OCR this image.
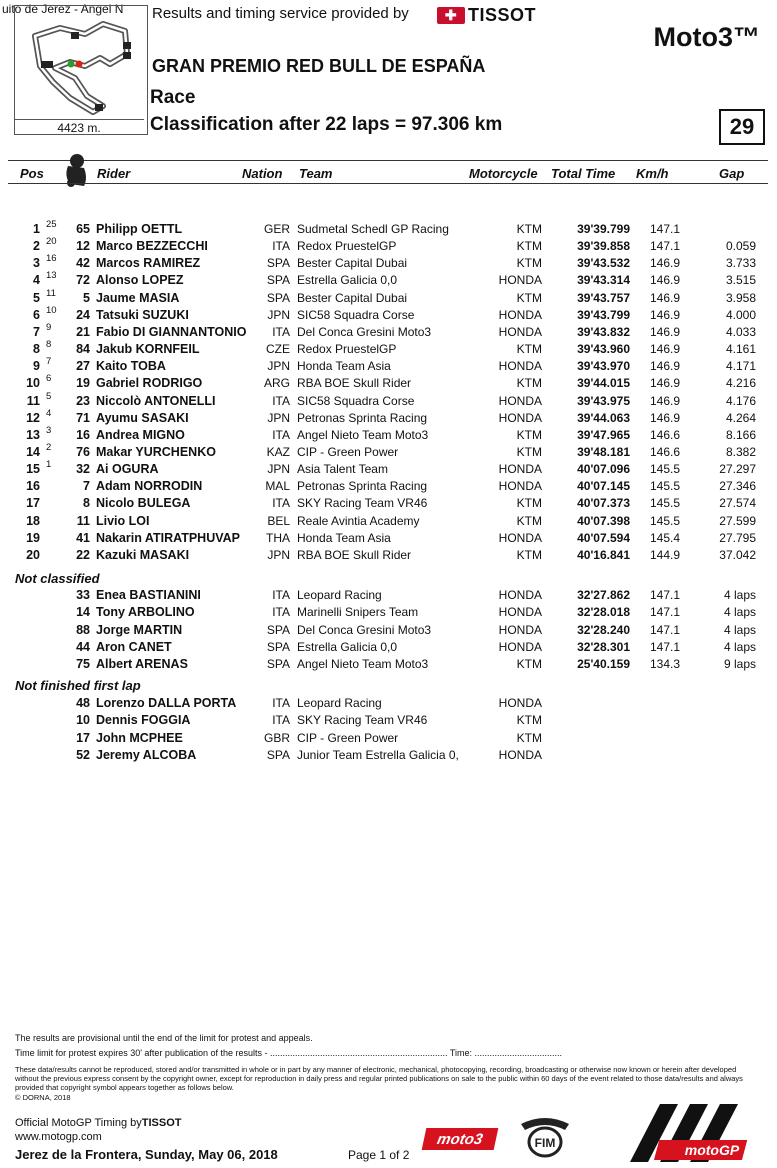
uito de Jerez - Angel N
4423 m.
Results and timing service provided by	✚ TISSOT
Moto3™
GRAN PREMIO RED BULL DE ESPAÑA
Race
Classification after 22 laps = 97.306 km	29
Pos	Rider	Nation Team	Motorcycle Total Time Km/h	Gap
1 25	65 Philipp OETTL	GER Sudmetal Schedl GP Racing	KTM	39'39.799	147.1
2 20	12 Marco BEZZECCHI	ITA Redox PruestelGP	KTM	39'39.858	147.1	0.059
3 16	42 Marcos RAMIREZ	SPA Bester Capital Dubai	KTM	39'43.532	146.9	3.733
4 13	72 Alonso LOPEZ	SPA Estrella Galicia 0,0	HONDA	39'43.314	146.9	3.515
5 11	5 Jaume MASIA	SPA Bester Capital Dubai	KTM	39'43.757	146.9	3.958
6 10	24 Tatsuki SUZUKI	JPN SIC58 Squadra Corse	HONDA	39'43.799	146.9	4.000
7 9	21 Fabio DI GIANNANTONIO	ITA Del Conca Gresini Moto3	HONDA	39'43.832	146.9	4.033
8 8	84 Jakub KORNFEIL	CZE Redox PruestelGP	KTM	39'43.960	146.9	4.161
9 7	27 Kaito TOBA	JPN Honda Team Asia	HONDA	39'43.970	146.9	4.171
10 6	19 Gabriel RODRIGO	ARG RBA BOE Skull Rider	KTM	39'44.015	146.9	4.216
11 5	23 Niccolò ANTONELLI	ITA SIC58 Squadra Corse	HONDA	39'43.975	146.9	4.176
12 4	71 Ayumu SASAKI	JPN Petronas Sprinta Racing	HONDA	39'44.063	146.9	4.264
13 3	16 Andrea MIGNO	ITA Angel Nieto Team Moto3	KTM	39'47.965	146.6	8.166
14 2	76 Makar YURCHENKO	KAZ CIP - Green Power	KTM	39'48.181	146.6	8.382
15 1	32 Ai OGURA	JPN Asia Talent Team	HONDA	40'07.096	145.5	27.297
16	7 Adam NORRODIN	MAL Petronas Sprinta Racing	HONDA	40'07.145	145.5	27.346
17	8 Nicolo BULEGA	ITA SKY Racing Team VR46	KTM	40'07.373	145.5	27.574
18	11 Livio LOI	BEL Reale Avintia Academy	KTM	40'07.398	145.5	27.599
19	41 Nakarin ATIRATPHUVAP	THA Honda Team Asia	HONDA	40'07.594	145.4	27.795
20	22 Kazuki MASAKI	JPN RBA BOE Skull Rider	KTM	40'16.841	144.9	37.042
Not classified
33 Enea BASTIANINI	ITA Leopard Racing	HONDA	32'27.862	147.1	4 laps
14 Tony ARBOLINO	ITA Marinelli Snipers Team	HONDA	32'28.018	147.1	4 laps
88 Jorge MARTIN	SPA Del Conca Gresini Moto3	HONDA	32'28.240	147.1	4 laps
44 Aron CANET	SPA Estrella Galicia 0,0	HONDA	32'28.301	147.1	4 laps
75 Albert ARENAS	SPA Angel Nieto Team Moto3	KTM	25'40.159	134.3	9 laps
Not finished first lap
48 Lorenzo DALLA PORTA	ITA Leopard Racing	HONDA
10 Dennis FOGGIA	ITA SKY Racing Team VR46	KTM
17 John MCPHEE	GBR CIP - Green Power	KTM
52 Jeremy ALCOBA	SPA Junior Team Estrella Galicia 0,	HONDA
The results are provisional until the end of the limit for protest and appeals.
Time limit for protest expires 30' after publication of the results - ....................................................................... Time: ...................................
These data/results cannot be reproduced, stored and/or transmitted in whole or in part by any manner of electronic, mechanical, photocopying, recording, broadcasting or otherwise now known or herein after developed without the previous express consent by the copyright owner, except for reproduction in daily press and regular printed publications on sale to the public within 60 days of the event related to those data/results and always provided that copyright symbol appears together as follows below.
© DORNA, 2018
Official MotoGP Timing byTISSOT
www.motogp.com
Jerez de la Frontera, Sunday, May 06, 2018	Page 1 of 2
moto3	FIM	motoGP
